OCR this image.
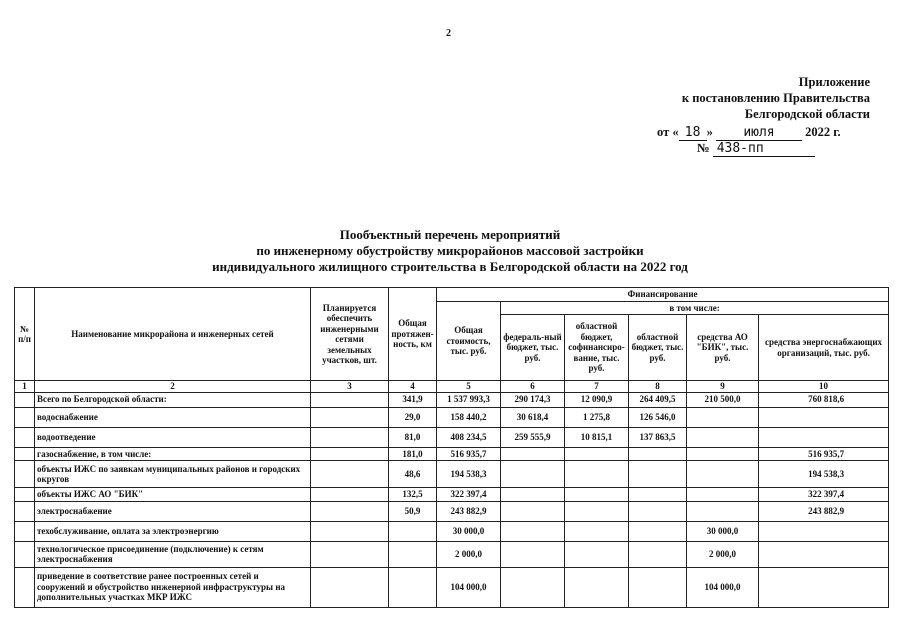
2
Приложение
к постановлению Правительства
Белгородской области
от « 18 » июля 2022 г.
№ 438-пп
Пообъектный перечень мероприятий
по инженерному обустройству микрорайонов массовой застройки
индивидуального жилищного строительства в Белгородской области на 2022 год
№ п/п	Наименование микрорайона и инженерных сетей	Планируется обеспечить инженерными сетями земельных участков, шт.	Общая протяжен-ность, км	Финансирование					
				Общая стоимость, тыс. руб.	в том числе:				
					федераль-ный бюджет, тыс. руб.	областной бюджет, софинансиро-вание, тыс. руб.	областной бюджет, тыс. руб.	средства АО "БИК", тыс. руб.	средства энергоснабжающих организаций, тыс. руб.
1	2	3	4	5	6	7	8	9	10
	Всего по Белгородской области:		341,9	1 537 993,3	290 174,3	12 090,9	264 409,5	210 500,0	760 818,6
	водоснабжение		29,0	158 440,2	30 618,4	1 275,8	126 546,0		
	водоотведение		81,0	408 234,5	259 555,9	10 815,1	137 863,5		
	газоснабжение, в том числе:		181,0	516 935,7					516 935,7
	объекты ИЖС по заявкам муниципальных районов и городских округов		48,6	194 538,3					194 538,3
	объекты ИЖС АО "БИК"		132,5	322 397,4					322 397,4
	электроснабжение		50,9	243 882,9					243 882,9
	техобслуживание, оплата за электроэнергию			30 000,0				30 000,0	
	технологическое присоединение (подключение) к сетям электроснабжения			2 000,0				2 000,0	
	приведение в соответствие ранее построенных сетей и сооружений и обустройство инженерной инфраструктуры на дополнительных участках МКР ИЖС			104 000,0				104 000,0	
